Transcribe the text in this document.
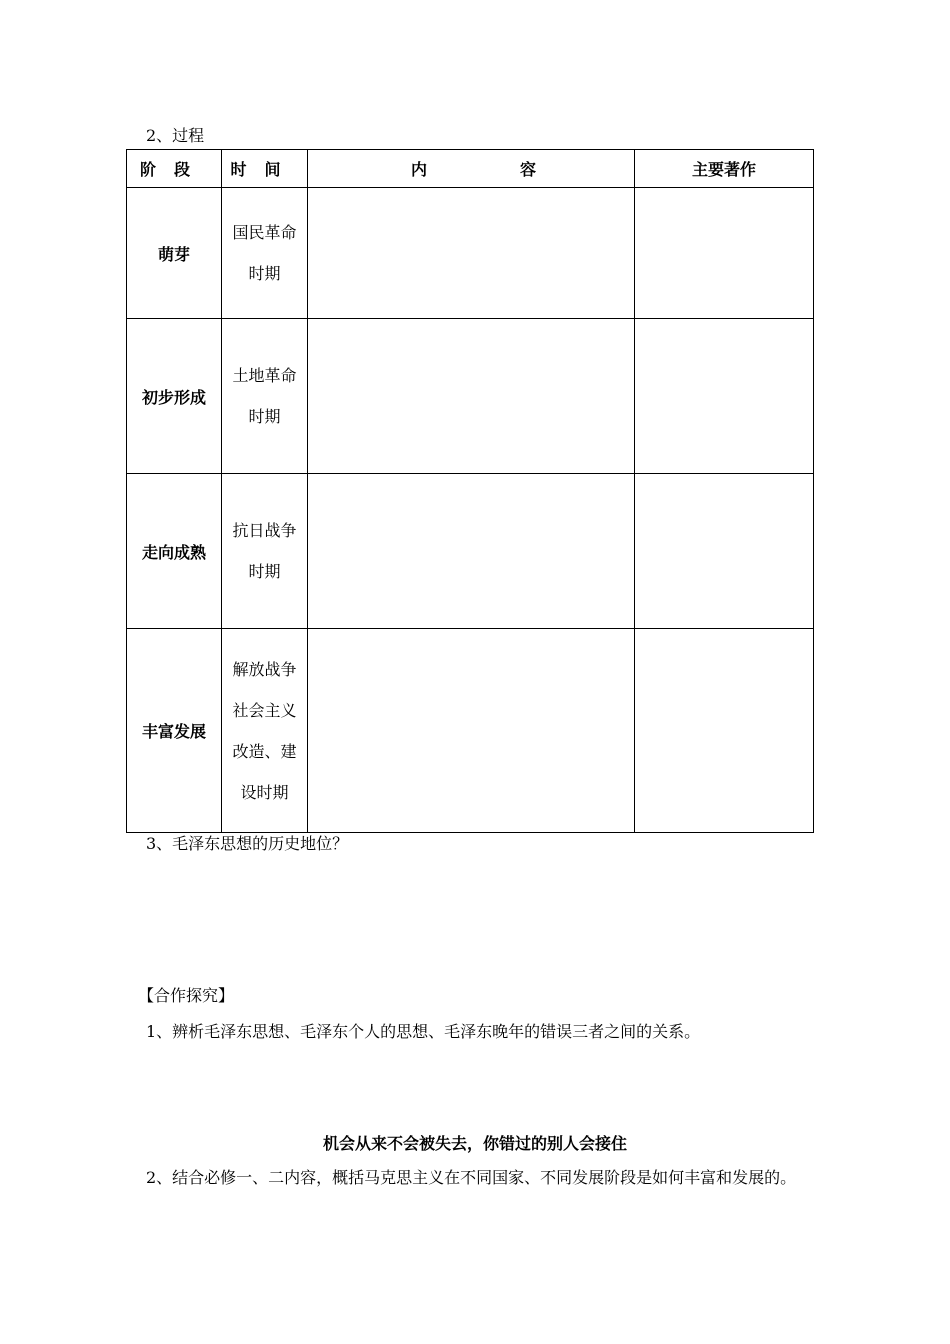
2、过程
阶段	时间	内 容	主要著作
萌芽	国民革命
时期		

初步形成	土地革命
时期		

走向成熟	抗日战争
时期		

丰富发展	解放战争
社会主义
改造、建
设时期		

3、毛泽东思想的历史地位？
【合作探究】
1、辨析毛泽东思想、毛泽东个人的思想、毛泽东晚年的错误三者之间的关系。
机会从来不会被失去，你错过的别人会接住
2、结合必修一、二内容，概括马克思主义在不同国家、不同发展阶段是如何丰富和发展的。
